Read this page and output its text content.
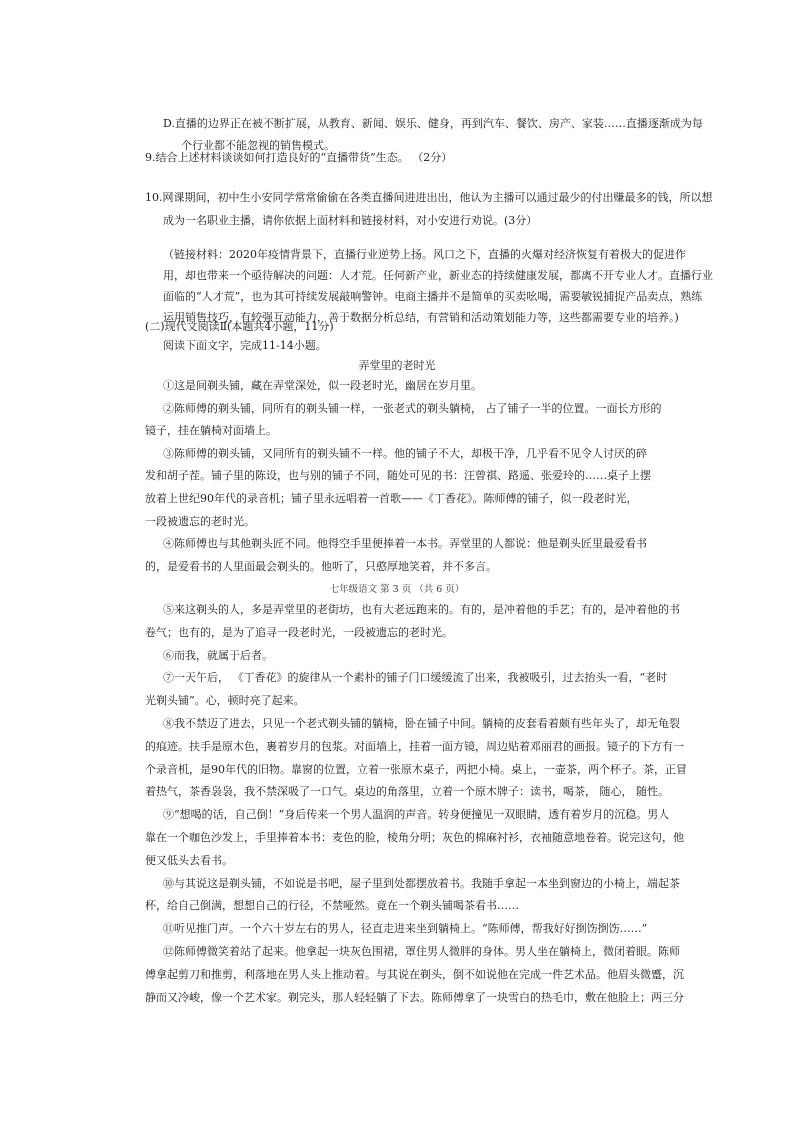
D.直播的边界正在被不断扩展，从教育、新闻、娱乐、健身，再到汽车、餐饮、房产、家装……直播逐渐成为每
个行业都不能忽视的销售模式。
9.结合上述材料谈谈如何打造良好的“直播带货”生态。 （2分）
10.网课期间，初中生小安同学常常偷偷在各类直播间进进出出，他认为主播可以通过最少的付出赚最多的钱，所以想
成为一名职业主播，请你依据上面材料和链接材料，对小安进行劝说。(3分）
（链接材料：2020年疫情背景下，直播行业逆势上扬。风口之下，直播的火爆对经济恢复有着极大的促进作
用，却也带来一个亟待解决的问题：人才荒。任何新产业，新业态的持续健康发展，都离不开专业人才。直播行业
面临的“人才荒”，也为其可持续发展敲响警钟。电商主播并不是简单的买卖吆喝，需要敏锐捕捉产品卖点，熟练
运用销售技巧，有较强互动能力，善于数据分析总结，有营销和活动策划能力等，这些都需要专业的培养。)
(二)现代文阅读Ⅱ(本题共4小题，11分)
阅读下面文字，完成11-14小题。
弄堂里的老时光
①这是间剃头铺，藏在弄堂深处，似一段老时光，幽居在岁月里。
②陈师傅的剃头铺，同所有的剃头铺一样，一张老式的剃头躺椅， 占了铺子一半的位置。一面长方形的
镜子，挂在躺椅对面墙上。
③陈师傅的剃头铺，又同所有的剃头铺不一样。他的铺子不大，却极干净，几乎看不见令人讨厌的碎
发和胡子茬。铺子里的陈设，也与别的铺子不同，随处可见的书：汪曾祺、路遥、张爱玲的……桌子上摆
放着上世纪90年代的录音机；铺子里永远唱着一首歌——《丁香花》。陈师傅的铺子，似一段老时光，
一段被遗忘的老时光。
④陈师傅也与其他剃头匠不同。他得空手里便捧着一本书。弄堂里的人都说：他是剃头匠里最爱看书
的，是爱看书的人里面最会剃头的。他听了，只憨厚地笑着，并不多言。
七年级语文 第 3 页 （共 6 页）
⑤来这剃头的人，多是弄堂里的老街坊，也有大老远跑来的。有的，是冲着他的手艺；有的，是冲着他的书
卷气；也有的，是为了追寻一段老时光，一段被遗忘的老时光。
⑥而我，就属于后者。
⑦一天午后， 《丁香花》的旋律从一个素朴的铺子门口缓缓流了出来，我被吸引，过去抬头一看，“老时
光剃头铺”。心，顿时亮了起来。
⑧我不禁迈了进去，只见一个老式剃头铺的躺椅，卧在铺子中间。躺椅的皮套看着颇有些年头了，却无龟裂
的痕迹。扶手是原木色，裹着岁月的包浆。对面墙上，挂着一面方镜，周边贴着邓丽君的画报。镜子的下方有一
个录音机，是90年代的旧物。靠窗的位置，立着一张原木桌子，两把小椅。桌上，一壶茶，两个杯子。茶，正冒
着热气，茶香袅袅，我不禁深吸了一口气。桌边的角落里，立着一个原木牌子：读书，喝茶， 随心， 随性。
⑨“想喝的话，自己倒！”身后传来一个男人温润的声音。转身便撞见一双眼睛，透有着岁月的沉稳。男人
靠在一个咖色沙发上，手里捧着本书：麦色的脸，棱角分明；灰色的棉麻衬衫，衣袖随意地卷着。说完这句，他
便又低头去看书。
⑩与其说这是剃头铺，不如说是书吧，屋子里到处都摆放着书。我随手拿起一本坐到窗边的小椅上，端起茶
杯，给自己倒满，想想自己的行径，不禁哑然。竟在一个剃头铺喝茶看书……
⑪听见推门声。一个六十岁左右的男人，径直走进来坐到躺椅上。“陈师傅，帮我好好捯饬捯饬……”
⑫陈师傅微笑着站了起来。他拿起一块灰色围裙，罩住男人微胖的身体。男人坐在躺椅上，微闭着眼。陈师
傅拿起剪刀和推剪，利落地在男人头上推动着。与其说在剃头，倒不如说他在完成一件艺术品。他眉头微蹙，沉
静而又冷峻，像一个艺术家。剃完头，那人轻轻躺了下去。陈师傅拿了一块雪白的热毛巾，敷在他脸上；两三分
